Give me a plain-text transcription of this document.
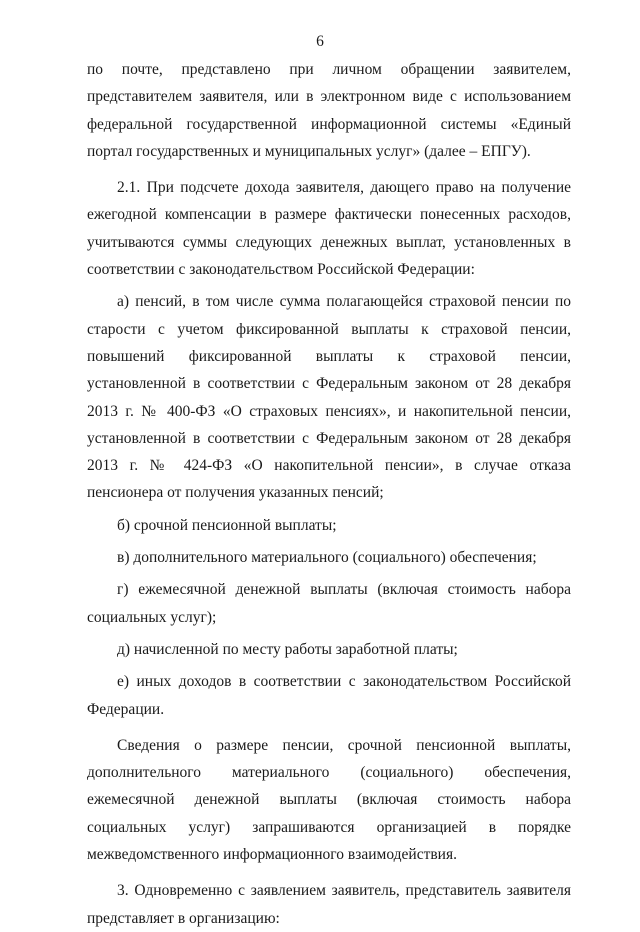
6

по почте, представлено при личном обращении заявителем, представителем заявителя, или в электронном виде с использованием федеральной государственной информационной системы «Единый портал государственных и муниципальных услуг» (далее – ЕПГУ).

2.1. При подсчете дохода заявителя, дающего право на получение ежегодной компенсации в размере фактически понесенных расходов, учитываются суммы следующих денежных выплат, установленных в соответствии с законодательством Российской Федерации:

а) пенсий, в том числе сумма полагающейся страховой пенсии по старости с учетом фиксированной выплаты к страховой пенсии, повышений фиксированной выплаты к страховой пенсии, установленной в соответствии с Федеральным законом от 28 декабря 2013 г. № 400-ФЗ «О страховых пенсиях», и накопительной пенсии, установленной в соответствии с Федеральным законом от 28 декабря 2013 г. № 424-ФЗ «О накопительной пенсии», в случае отказа пенсионера от получения указанных пенсий;

б) срочной пенсионной выплаты;

в) дополнительного материального (социального) обеспечения;

г) ежемесячной денежной выплаты (включая стоимость набора социальных услуг);

д) начисленной по месту работы заработной платы;

е) иных доходов в соответствии с законодательством Российской Федерации.

Сведения о размере пенсии, срочной пенсионной выплаты, дополнительного материального (социального) обеспечения, ежемесячной денежной выплаты (включая стоимость набора социальных услуг) запрашиваются организацией в порядке межведомственного информационного взаимодействия.

3. Одновременно с заявлением заявитель, представитель заявителя представляет в организацию:
